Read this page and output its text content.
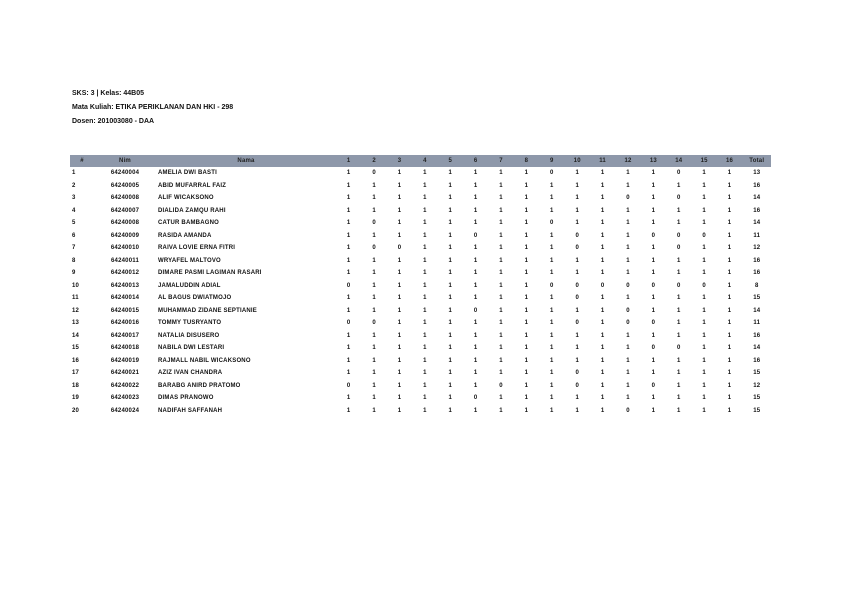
SKS: 3 | Kelas: 44B05
Mata Kuliah: ETIKA PERIKLANAN DAN HKI - 298
Dosen: 201003080 - DAA
#	Nim	Nama	1	2	3	4	5	6	7	8	9	10	11	12	13	14	15	16	Total
1	64240004	AMELIA DWI BASTI	1	0	1	1	1	1	1	1	0	1	1	1	1	0	1	1	13
2	64240005	ABID MUFARRAL FAIZ	1	1	1	1	1	1	1	1	1	1	1	1	1	1	1	1	16
3	64240008	ALIF WICAKSONO	1	1	1	1	1	1	1	1	1	1	1	0	1	0	1	1	14
4	64240007	DIALIDA ZAMQU RAHI	1	1	1	1	1	1	1	1	1	1	1	1	1	1	1	1	16
5	64240008	CATUR BAMBAGNO	1	0	1	1	1	1	1	1	0	1	1	1	1	1	1	1	14
6	64240009	RASIDA AMANDA	1	1	1	1	1	0	1	1	1	0	1	1	0	0	0	1	11
7	64240010	RAIVA LOVIE ERNA FITRI	1	0	0	1	1	1	1	1	1	0	1	1	1	0	1	1	12
8	64240011	WRYAFEL MALTOVO	1	1	1	1	1	1	1	1	1	1	1	1	1	1	1	1	16
9	64240012	DIMARE PASMI LAGIMAN RASARI	1	1	1	1	1	1	1	1	1	1	1	1	1	1	1	1	16
10	64240013	JAMALUDDIN ADIAL	0	1	1	1	1	1	1	1	0	0	0	0	0	0	0	1	8
11	64240014	AL BAGUS DWIATMOJO	1	1	1	1	1	1	1	1	1	0	1	1	1	1	1	1	15
12	64240015	MUHAMMAD ZIDANE SEPTIANIE	1	1	1	1	1	0	1	1	1	1	1	0	1	1	1	1	14
13	64240016	TOMMY TUSRYANTO	0	0	1	1	1	1	1	1	1	0	1	0	0	1	1	1	11
14	64240017	NATALIA DISUSERO	1	1	1	1	1	1	1	1	1	1	1	1	1	1	1	1	16
15	64240018	NABILA DWI LESTARI	1	1	1	1	1	1	1	1	1	1	1	1	0	0	1	1	14
16	64240019	RAJMALL NABIL WICAKSONO	1	1	1	1	1	1	1	1	1	1	1	1	1	1	1	1	16
17	64240021	AZIZ IVAN CHANDRA	1	1	1	1	1	1	1	1	1	0	1	1	1	1	1	1	15
18	64240022	BARABG ANIRD PRATOMO	0	1	1	1	1	1	0	1	1	0	1	1	0	1	1	1	12
19	64240023	DIMAS PRANOWO	1	1	1	1	1	0	1	1	1	1	1	1	1	1	1	1	15
20	64240024	NADIFAH SAFFANAH	1	1	1	1	1	1	1	1	1	1	1	0	1	1	1	1	15
